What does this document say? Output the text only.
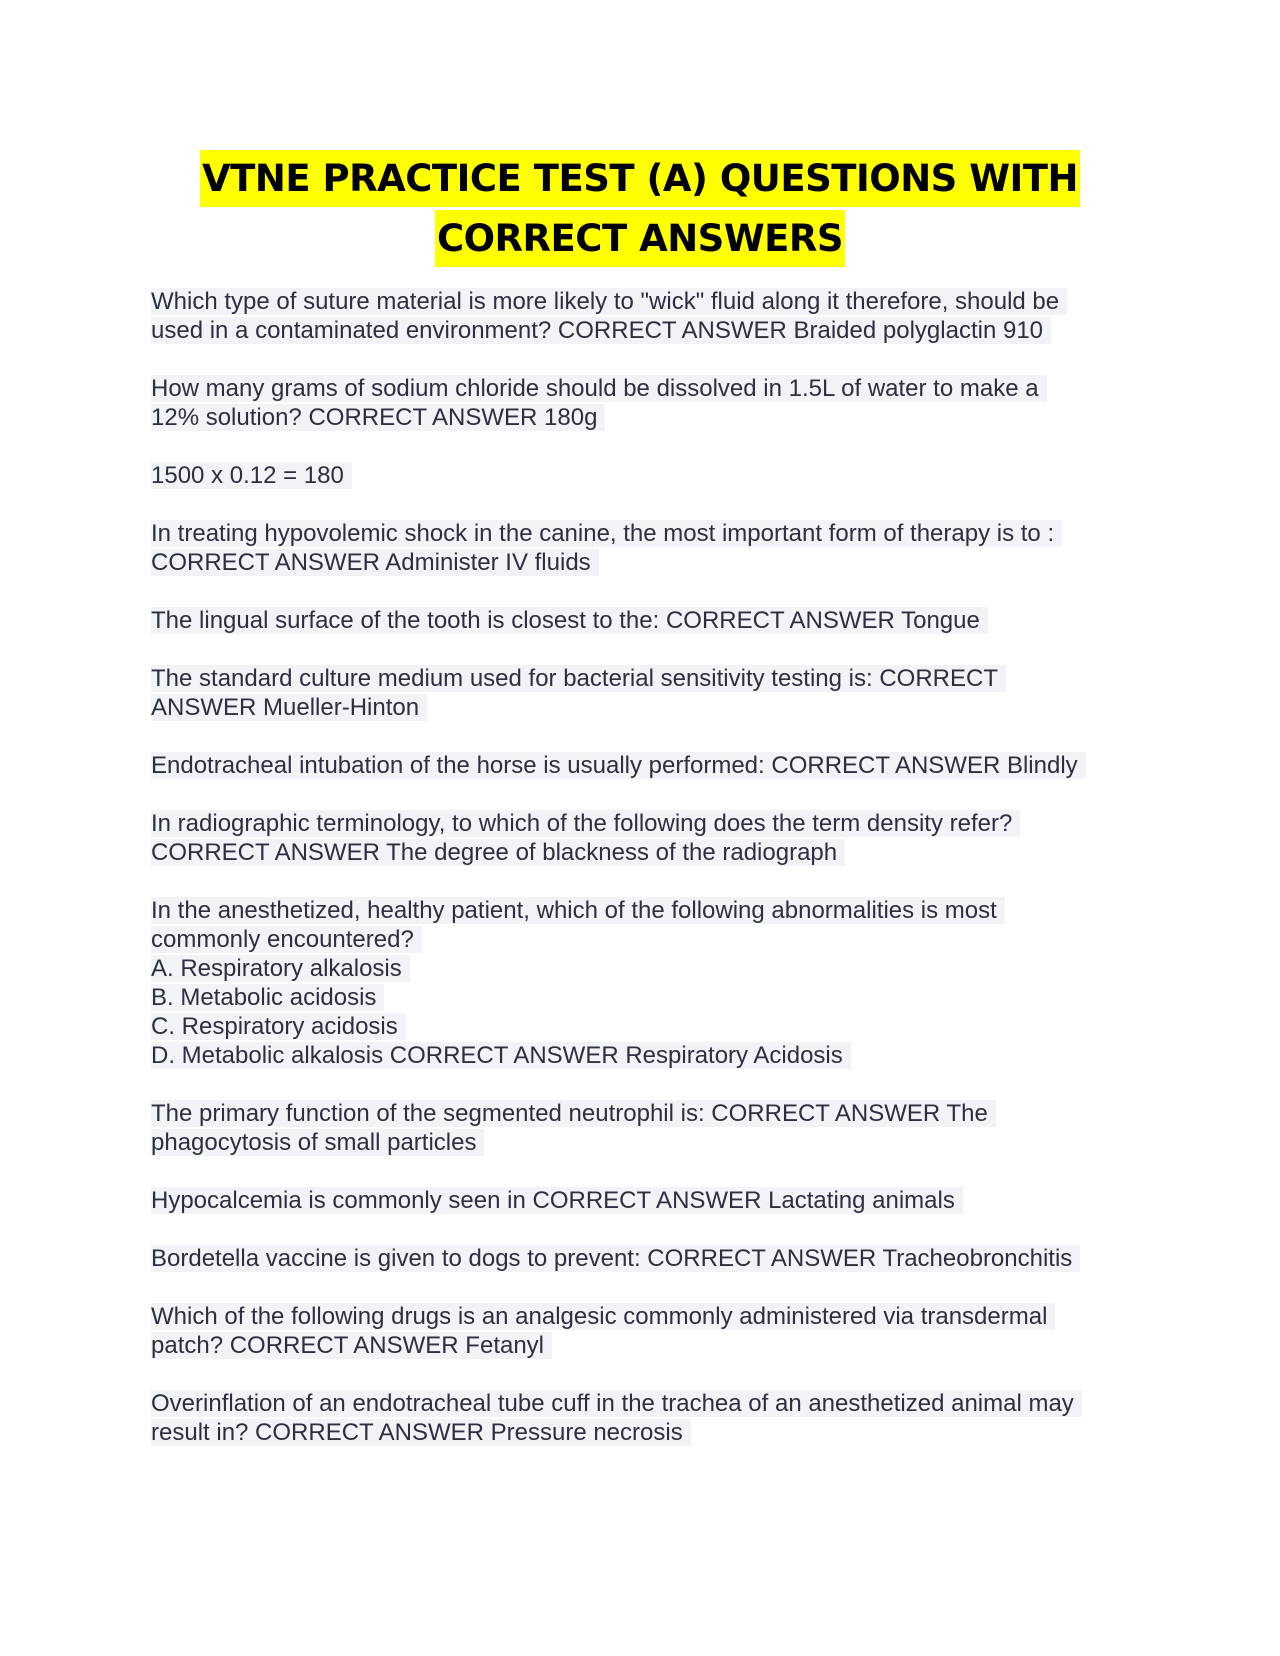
VTNE PRACTICE TEST (A) QUESTIONS WITH
CORRECT ANSWERS
Which type of suture material is more likely to "wick" fluid along it therefore, should be
used in a contaminated environment? CORRECT ANSWER Braided polyglactin 910
How many grams of sodium chloride should be dissolved in 1.5L of water to make a
12% solution? CORRECT ANSWER 180g
1500 x 0.12 = 180
In treating hypovolemic shock in the canine, the most important form of therapy is to :
CORRECT ANSWER Administer IV fluids
The lingual surface of the tooth is closest to the: CORRECT ANSWER Tongue
The standard culture medium used for bacterial sensitivity testing is: CORRECT
ANSWER Mueller-Hinton
Endotracheal intubation of the horse is usually performed: CORRECT ANSWER Blindly
In radiographic terminology, to which of the following does the term density refer?
CORRECT ANSWER The degree of blackness of the radiograph
In the anesthetized, healthy patient, which of the following abnormalities is most
commonly encountered?
A. Respiratory alkalosis
B. Metabolic acidosis
C. Respiratory acidosis
D. Metabolic alkalosis CORRECT ANSWER Respiratory Acidosis
The primary function of the segmented neutrophil is: CORRECT ANSWER The
phagocytosis of small particles
Hypocalcemia is commonly seen in CORRECT ANSWER Lactating animals
Bordetella vaccine is given to dogs to prevent: CORRECT ANSWER Tracheobronchitis
Which of the following drugs is an analgesic commonly administered via transdermal
patch? CORRECT ANSWER Fetanyl
Overinflation of an endotracheal tube cuff in the trachea of an anesthetized animal may
result in? CORRECT ANSWER Pressure necrosis
